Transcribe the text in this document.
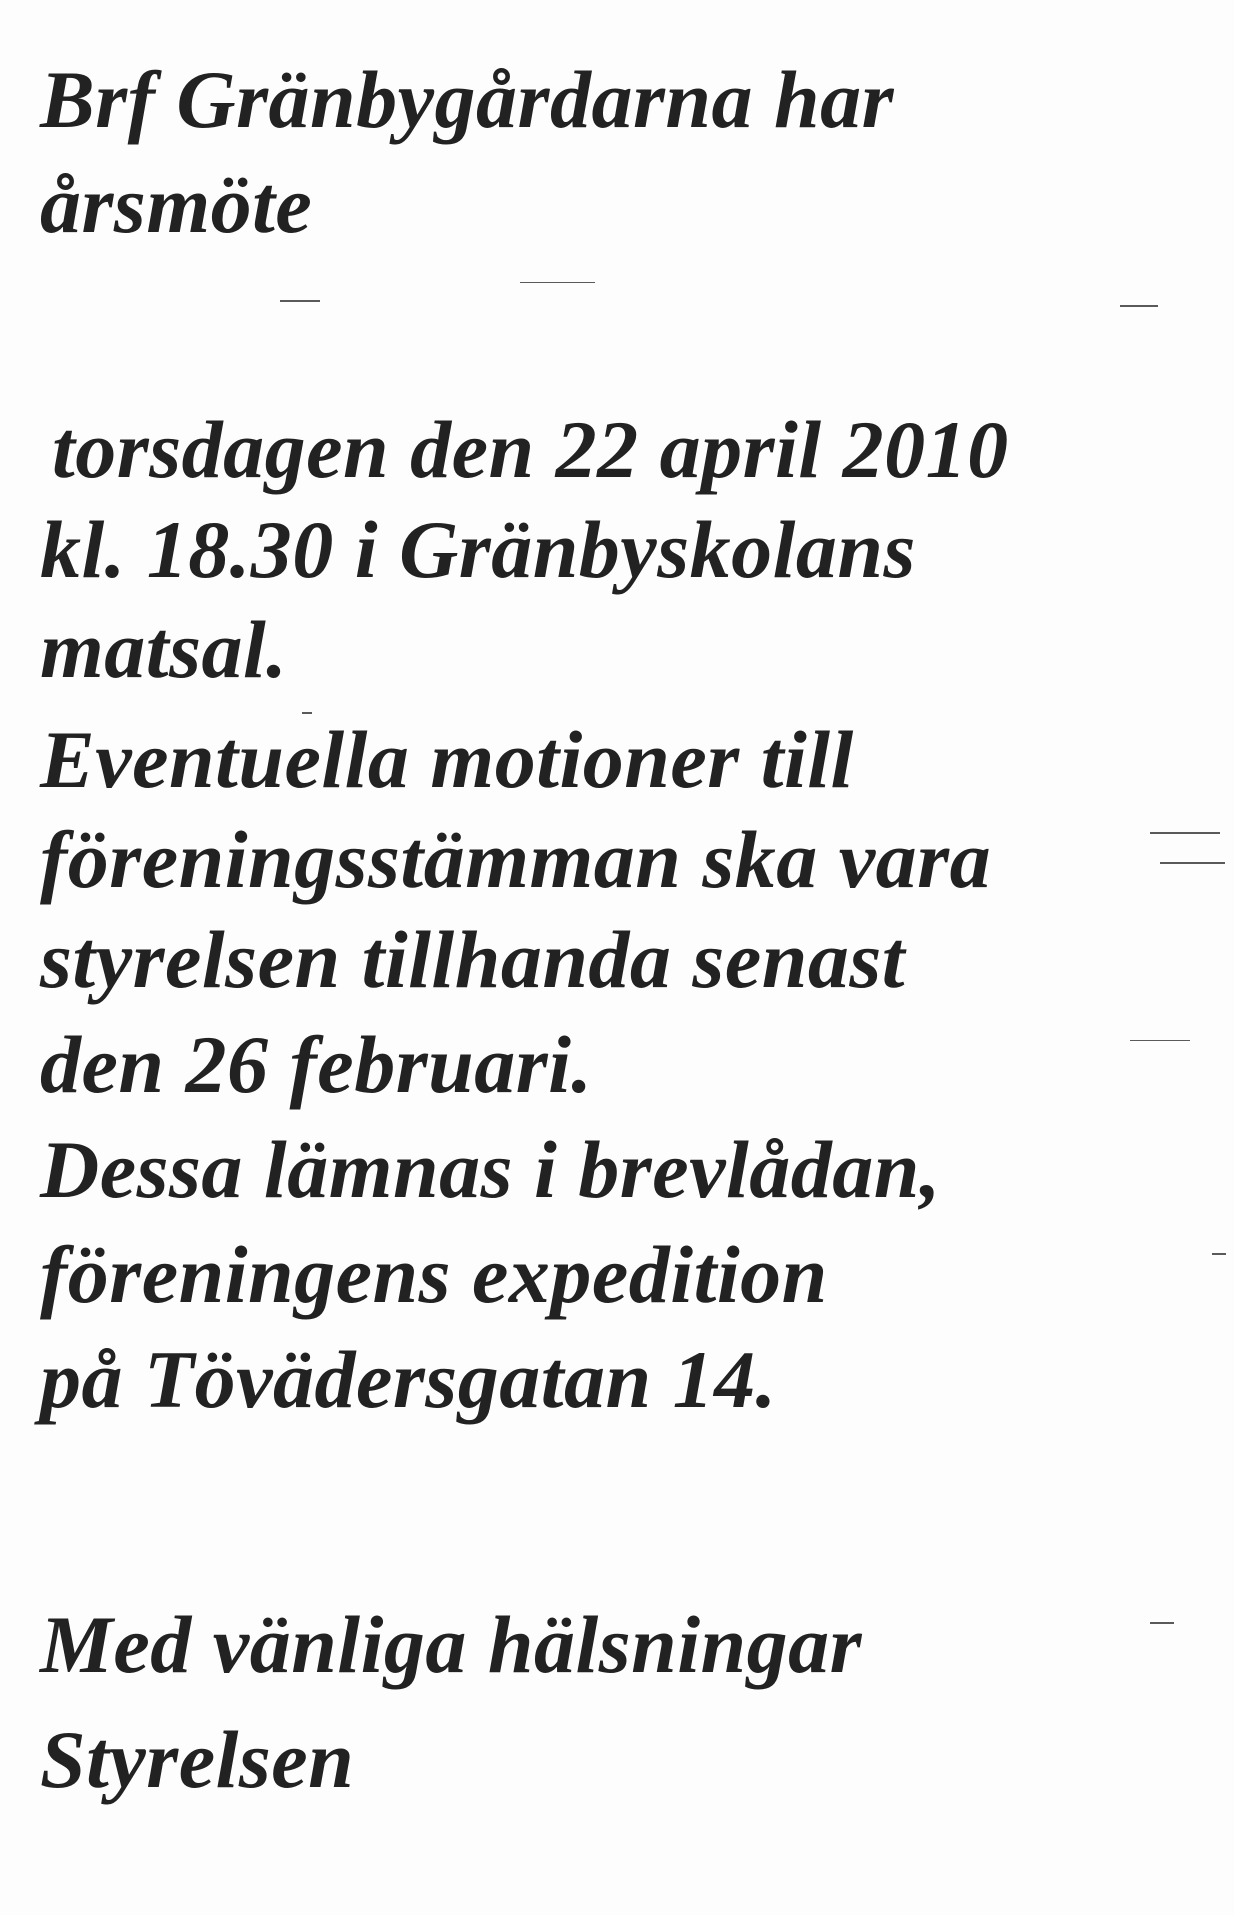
Brf Gränbygårdarna har

årsmöte

torsdagen den 22 april 2010

kl. 18.30 i Gränbyskolans

matsal.

Eventuella motioner till

föreningsstämman ska vara

styrelsen tillhanda senast

den 26 februari.

Dessa lämnas i brevlådan,

föreningens expedition

på Tövädersgatan 14.

Med vänliga hälsningar

Styrelsen
